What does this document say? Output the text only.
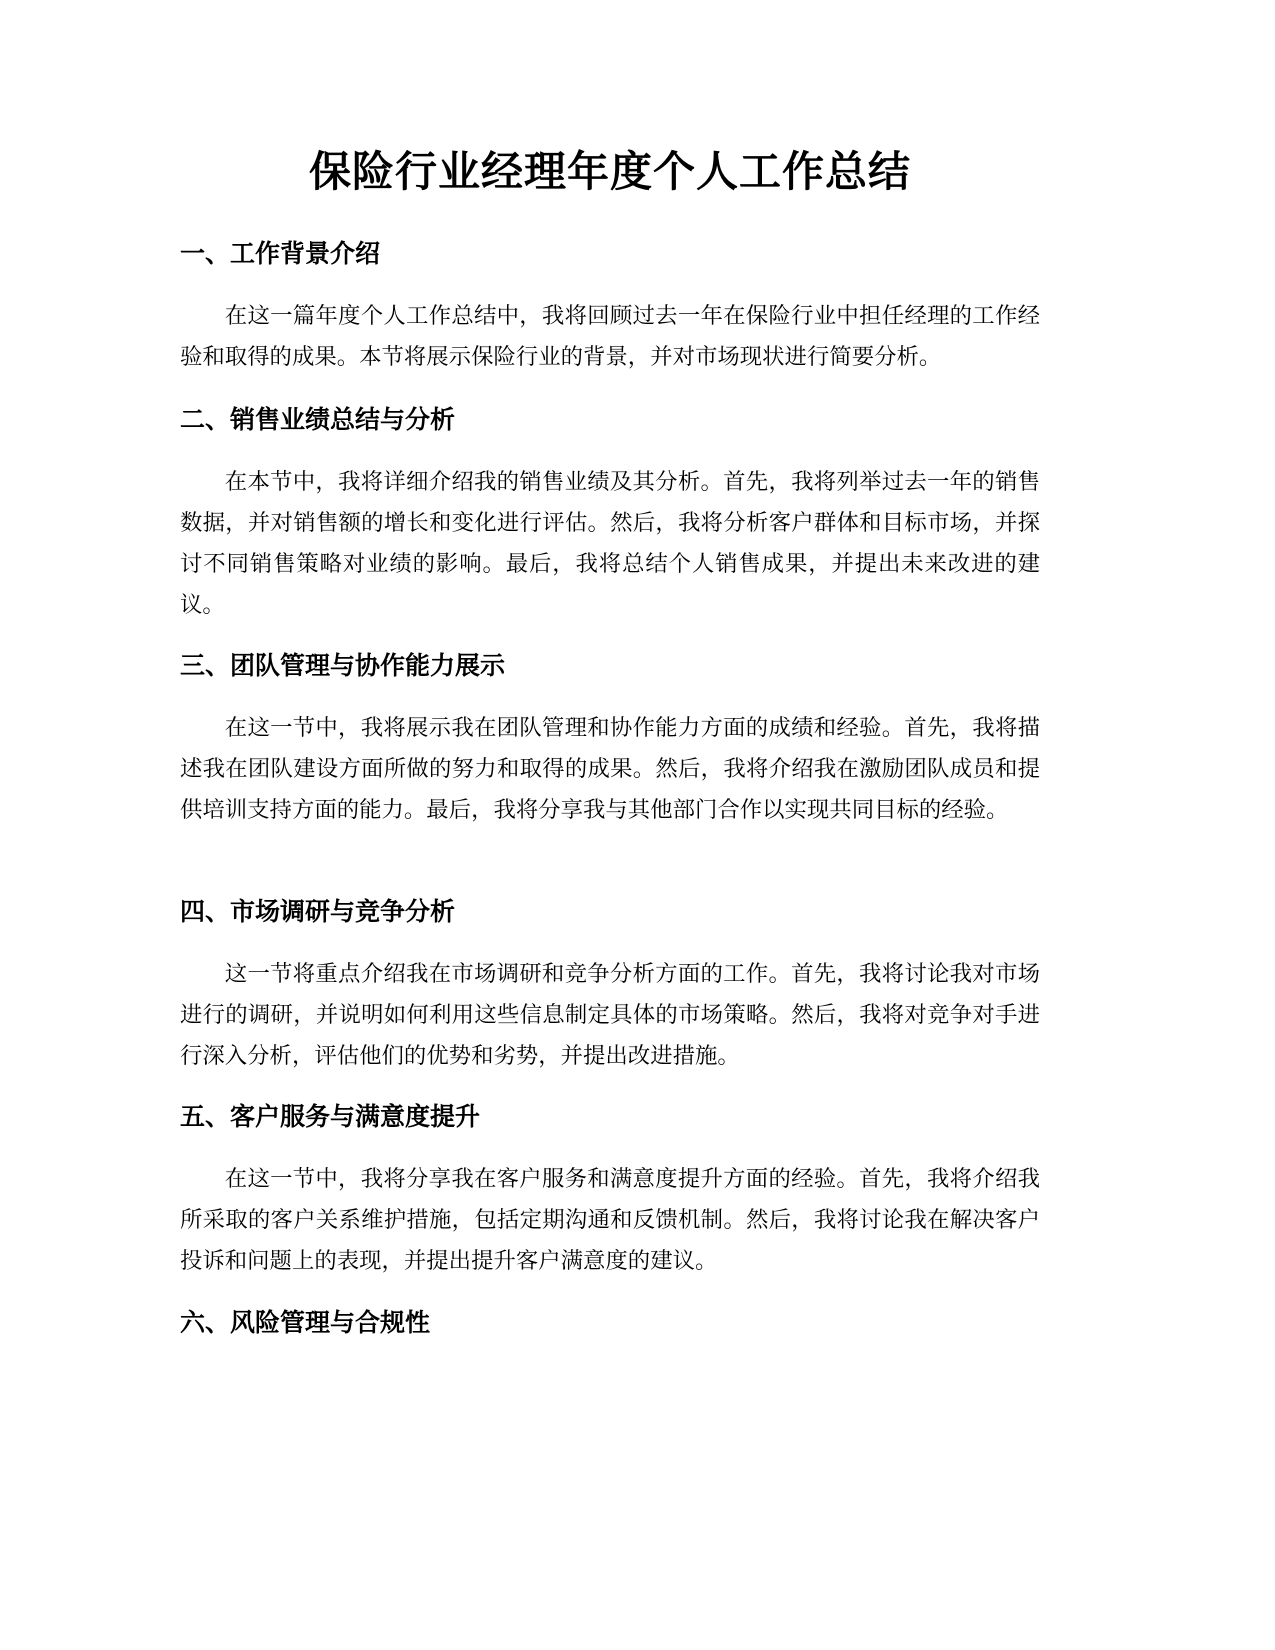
保险行业经理年度个人工作总结
一、工作背景介绍

在这一篇年度个人工作总结中，我将回顾过去一年在保险行业中担任经理的工作经验和取得的成果。本节将展示保险行业的背景，并对市场现状进行简要分析。

二、销售业绩总结与分析

在本节中，我将详细介绍我的销售业绩及其分析。首先，我将列举过去一年的销售数据，并对销售额的增长和变化进行评估。然后，我将分析客户群体和目标市场，并探讨不同销售策略对业绩的影响。最后，我将总结个人销售成果，并提出未来改进的建议。

三、团队管理与协作能力展示

在这一节中，我将展示我在团队管理和协作能力方面的成绩和经验。首先，我将描述我在团队建设方面所做的努力和取得的成果。然后，我将介绍我在激励团队成员和提供培训支持方面的能力。最后，我将分享我与其他部门合作以实现共同目标的经验。

四、市场调研与竞争分析

这一节将重点介绍我在市场调研和竞争分析方面的工作。首先，我将讨论我对市场进行的调研，并说明如何利用这些信息制定具体的市场策略。然后，我将对竞争对手进行深入分析，评估他们的优势和劣势，并提出改进措施。

五、客户服务与满意度提升

在这一节中，我将分享我在客户服务和满意度提升方面的经验。首先，我将介绍我所采取的客户关系维护措施，包括定期沟通和反馈机制。然后，我将讨论我在解决客户投诉和问题上的表现，并提出提升客户满意度的建议。

六、风险管理与合规性
